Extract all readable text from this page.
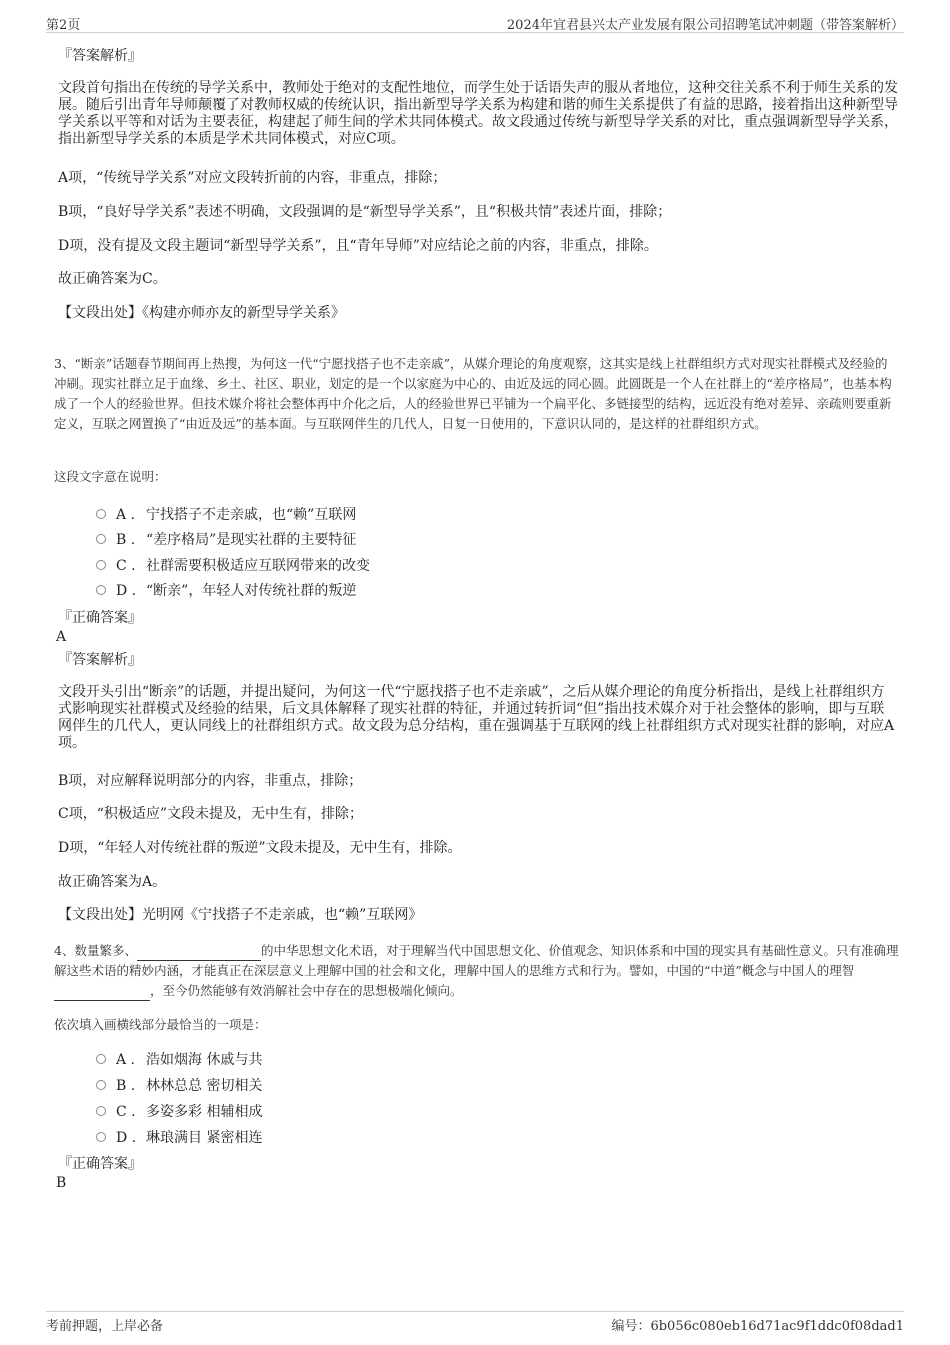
第2页	2024年宜君县兴太产业发展有限公司招聘笔试冲刺题（带答案解析）
『答案解析』
文段首句指出在传统的导学关系中，教师处于绝对的支配性地位，而学生处于话语失声的服从者地位，这种交往关系不利于师生关系的发展。随后引出青年导师颠覆了对教师权威的传统认识，指出新型导学关系为构建和谐的师生关系提供了有益的思路，接着指出这种新型导学关系以平等和对话为主要表征，构建起了师生间的学术共同体模式。故文段通过传统与新型导学关系的对比，重点强调新型导学关系，指出新型导学关系的本质是学术共同体模式，对应C项。
A项，“传统导学关系”对应文段转折前的内容，非重点，排除；
B项，“良好导学关系”表述不明确，文段强调的是“新型导学关系”，且“积极共情”表述片面，排除；
D项，没有提及文段主题词“新型导学关系”，且“青年导师”对应结论之前的内容，非重点，排除。
故正确答案为C。
【文段出处】《构建亦师亦友的新型导学关系》
3、“断亲”话题春节期间再上热搜，为何这一代“宁愿找搭子也不走亲戚”，从媒介理论的角度观察，这其实是线上社群组织方式对现实社群模式及经验的冲刷。现实社群立足于血缘、乡土、社区、职业，划定的是一个以家庭为中心的、由近及远的同心圆。此圆既是一个人在社群上的“差序格局”，也基本构成了一个人的经验世界。但技术媒介将社会整体再中介化之后，人的经验世界已平铺为一个扁平化、多链接型的结构，远近没有绝对差异、亲疏则要重新定义，互联之网置换了“由近及远”的基本面。与互联网伴生的几代人，日复一日使用的，下意识认同的，是这样的社群组织方式。
这段文字意在说明：
A . 宁找搭子不走亲戚，也“赖”互联网
B . “差序格局”是现实社群的主要特征
C . 社群需要积极适应互联网带来的改变
D . “断亲”，年轻人对传统社群的叛逆
『正确答案』
A
『答案解析』
文段开头引出“断亲”的话题，并提出疑问，为何这一代“宁愿找搭子也不走亲戚”，之后从媒介理论的角度分析指出，是线上社群组织方式影响现实社群模式及经验的结果，后文具体解释了现实社群的特征，并通过转折词“但”指出技术媒介对于社会整体的影响，即与互联网伴生的几代人，更认同线上的社群组织方式。故文段为总分结构，重在强调基于互联网的线上社群组织方式对现实社群的影响，对应A项。
B项，对应解释说明部分的内容，非重点，排除；
C项，“积极适应”文段未提及，无中生有，排除；
D项，“年轻人对传统社群的叛逆”文段未提及，无中生有，排除。
故正确答案为A。
【文段出处】光明网《宁找搭子不走亲戚，也“赖”互联网》
4、数量繁多、	的中华思想文化术语，对于理解当代中国思想文化、价值观念、知识体系和中国的现实具有基础性意义。只有准确理解这些术语的精妙内涵，才能真正在深层意义上理解中国的社会和文化，理解中国人的思维方式和行为。譬如，中国的“中道”概念与中国人的理智，至今仍然能够有效消解社会中存在的思想极端化倾向。
依次填入画横线部分最恰当的一项是：
A . 浩如烟海 休戚与共
B . 林林总总 密切相关
C . 多姿多彩 相辅相成
D . 琳琅满目 紧密相连
『正确答案』
B
考前押题，上岸必备	编号：6b056c080eb16d71ac9f1ddc0f08dad1
